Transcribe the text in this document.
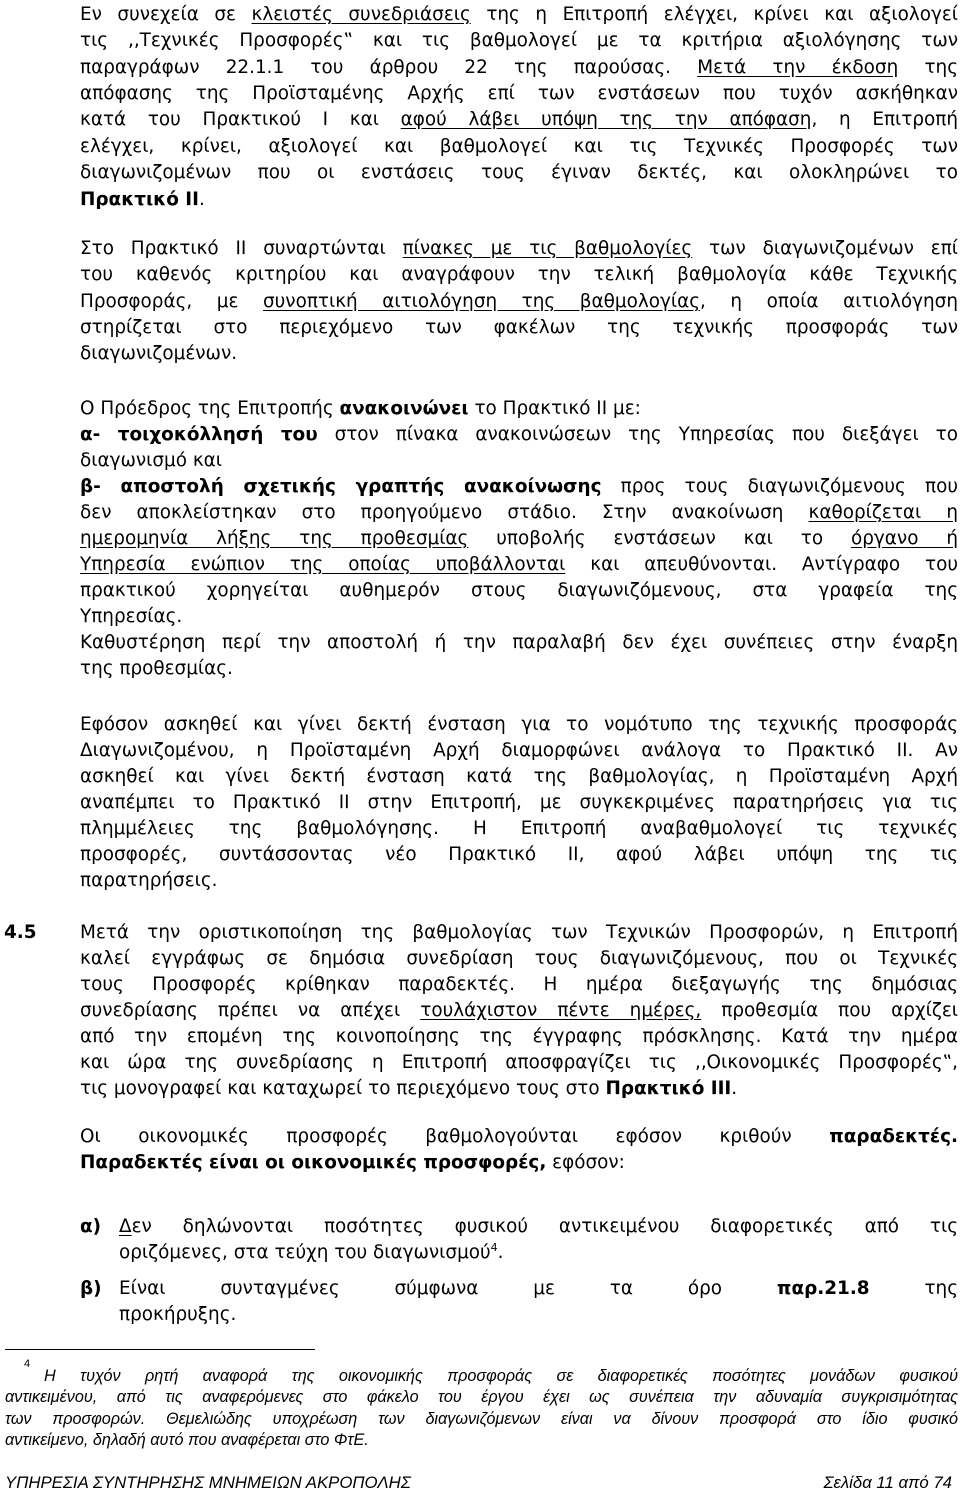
Εν συνεχεία σε κλειστές συνεδριάσεις της η Επιτροπή ελέγχει, κρίνει και αξιολογεί
τις ‚‚Τεχνικές Προσφορές‟ και τις βαθμολογεί με τα κριτήρια αξιολόγησης των
παραγράφων 22.1.1 του άρθρου 22 της παρούσας. Μετά την έκδοση της
απόφασης της Προϊσταμένης Αρχής επί των ενστάσεων που τυχόν ασκήθηκαν
κατά του Πρακτικού Ι και αφού λάβει υπόψη της την απόφαση, η Επιτροπή
ελέγχει, κρίνει, αξιολογεί και βαθμολογεί και τις Τεχνικές Προσφορές των
διαγωνιζομένων που οι ενστάσεις τους έγιναν δεκτές, και ολοκληρώνει το
Πρακτικό ΙΙ.
Στο Πρακτικό ΙΙ συναρτώνται πίνακες με τις βαθμολογίες των διαγωνιζομένων επί
του καθενός κριτηρίου και αναγράφουν την τελική βαθμολογία κάθε Τεχνικής
Προσφοράς, με συνοπτική αιτιολόγηση της βαθμολογίας, η οποία αιτιολόγηση
στηρίζεται στο περιεχόμενο των φακέλων της τεχνικής προσφοράς των
διαγωνιζομένων.
Ο Πρόεδρος της Επιτροπής ανακοινώνει το Πρακτικό ΙΙ με:
α- τοιχοκόλλησή του στον πίνακα ανακοινώσεων της Υπηρεσίας που διεξάγει το
διαγωνισμό και
β- αποστολή σχετικής γραπτής ανακοίνωσης προς τους διαγωνιζόμενους που
δεν αποκλείστηκαν στο προηγούμενο στάδιο. Στην ανακοίνωση καθορίζεται η
ημερομηνία λήξης της προθεσμίας υποβολής ενστάσεων και το όργανο ή
Υπηρεσία ενώπιον της οποίας υποβάλλονται και απευθύνονται. Αντίγραφο του
πρακτικού χορηγείται αυθημερόν στους διαγωνιζόμενους, στα γραφεία της
Υπηρεσίας.
Καθυστέρηση περί την αποστολή ή την παραλαβή δεν έχει συνέπειες στην έναρξη
της προθεσμίας.
Εφόσον ασκηθεί και γίνει δεκτή ένσταση για το νομότυπο της τεχνικής προσφοράς
Διαγωνιζομένου, η Προϊσταμένη Αρχή διαμορφώνει ανάλογα το Πρακτικό ΙΙ. Αν
ασκηθεί και γίνει δεκτή ένσταση κατά της βαθμολογίας, η Προϊσταμένη Αρχή
αναπέμπει το Πρακτικό ΙΙ στην Επιτροπή, με συγκεκριμένες παρατηρήσεις για τις
πλημμέλειες της βαθμολόγησης. Η Επιτροπή αναβαθμολογεί τις τεχνικές
προσφορές, συντάσσοντας νέο Πρακτικό ΙΙ, αφού λάβει υπόψη της τις
παρατηρήσεις.
4.5 Μετά την οριστικοποίηση της βαθμολογίας των Τεχνικών Προσφορών, η Επιτροπή
καλεί εγγράφως σε δημόσια συνεδρίαση τους διαγωνιζόμενους, που οι Τεχνικές
τους Προσφορές κρίθηκαν παραδεκτές. Η ημέρα διεξαγωγής της δημόσιας
συνεδρίασης πρέπει να απέχει τουλάχιστον πέντε ημέρες, προθεσμία που αρχίζει
από την επομένη της κοινοποίησης της έγγραφης πρόσκλησης. Κατά την ημέρα
και ώρα της συνεδρίασης η Επιτροπή αποσφραγίζει τις ‚‚Οικονομικές Προσφορές‟,
τις μονογραφεί και καταχωρεί το περιεχόμενο τους στο Πρακτικό ΙΙΙ.
Οι οικονομικές προσφορές βαθμολογούνται εφόσον κριθούν παραδεκτές.
Παραδεκτές είναι οι οικονομικές προσφορές, εφόσον:
α) Δεν δηλώνονται ποσότητες φυσικού αντικειμένου διαφορετικές από τις
οριζόμενες, στα τεύχη του διαγωνισμού$^4$.
β) Είναι συνταγμένες σύμφωνα με τα όρο παρ.21.8 της
προκήρυξης.
4
Η τυχόν ρητή αναφορά της οικονομικής προσφοράς σε διαφορετικές ποσότητες μονάδων φυσικού
αντικειμένου, από τις αναφερόμενες στο φάκελο του έργου έχει ως συνέπεια την αδυναμία συγκρισιμότητας
των προσφορών. Θεμελιώδης υποχρέωση των διαγωνιζόμενων είναι να δίνουν προσφορά στο ίδιο φυσικό
αντικείμενο, δηλαδή αυτό που αναφέρεται στο ΦτΕ.
ΥΠΗΡΕΣΙΑ ΣΥΝΤΗΡΗΣΗΣ ΜΝΗΜΕΙΩΝ ΑΚΡΟΠΟΛΗΣ	Σελίδα 11 από 74
